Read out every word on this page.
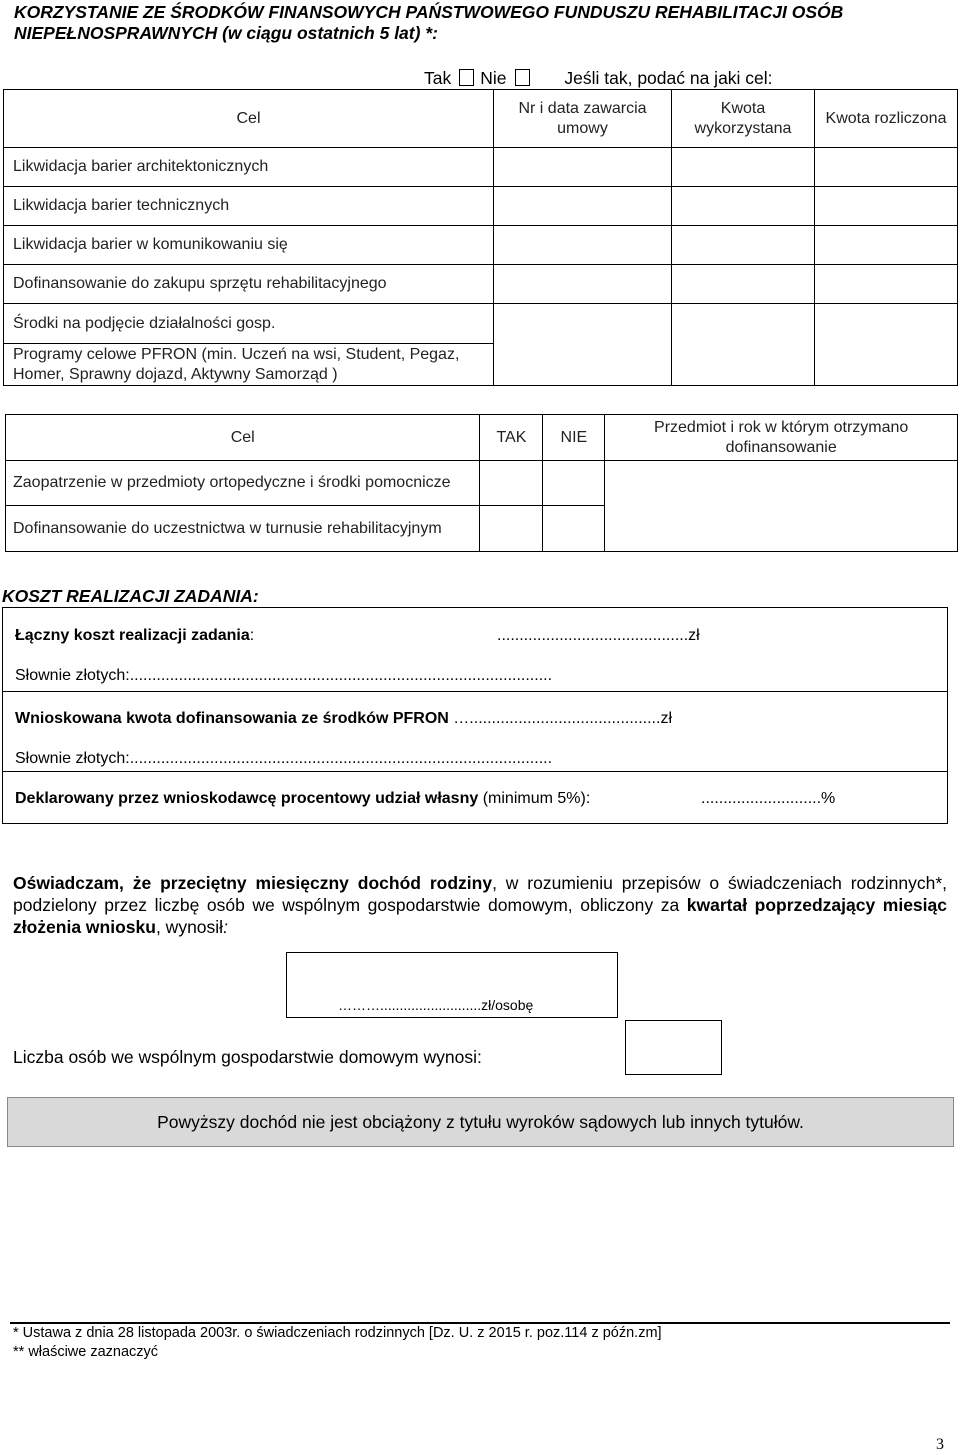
KORZYSTANIE ZE ŚRODKÓW FINANSOWYCH PAŃSTWOWEGO FUNDUSZU REHABILITACJI OSÓB NIEPEŁNOSPRAWNYCH (w ciągu ostatnich 5 lat) *:
Tak Nie	Jeśli tak, podać na jaki cel:
Cel	Nr i data zawarcia umowy	Kwota wykorzystana	Kwota rozliczona
Likwidacja barier architektonicznych			
Likwidacja barier technicznych			
Likwidacja barier w komunikowaniu się			
Dofinansowanie do zakupu sprzętu rehabilitacyjnego			
Środki na podjęcie działalności gosp.			
Programy celowe PFRON (min. Uczeń na wsi, Student, Pegaz, Homer, Sprawny dojazd, Aktywny Samorząd )			
Cel	TAK	NIE	Przedmiot i rok w którym otrzymano dofinansowanie
Zaopatrzenie w przedmioty ortopedyczne i środki pomocnicze			
Dofinansowanie do uczestnictwa w turnusie rehabilitacyjnym			
KOSZT REALIZACJI ZADANIA:
Łączny koszt realizacji zadania:	...........................................zł
Słownie złotych:...............................................................................................
Wnioskowana kwota dofinansowania ze środków PFRON …...........................................zł
Słownie złotych:...............................................................................................
Deklarowany przez wnioskodawcę procentowy udział własny (minimum 5%):	...........................%
Oświadczam, że przeciętny miesięczny dochód rodziny, w rozumieniu przepisów o świadczeniach rodzinnych*, podzielony przez liczbę osób we wspólnym gospodarstwie domowym, obliczony za kwartał poprzedzający miesiąc złożenia wniosku, wynosił:
………..........................zł/osobę
Liczba osób we wspólnym gospodarstwie domowym wynosi:
Powyższy dochód nie jest obciążony z tytułu wyroków sądowych lub innych tytułów.
* Ustawa z dnia 28 listopada 2003r. o świadczeniach rodzinnych [Dz. U. z 2015 r. poz.114 z późn.zm]
** właściwe zaznaczyć
3
